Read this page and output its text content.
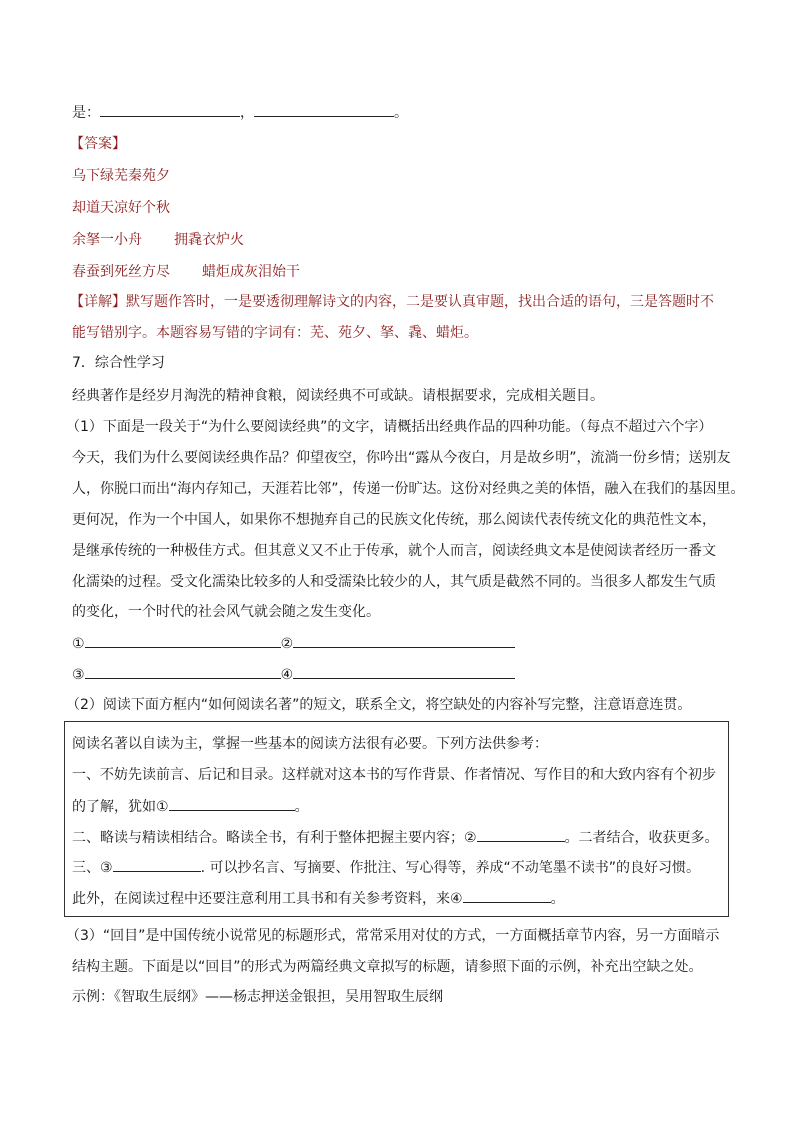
是：	，	。
【答案】
乌下绿芜秦苑夕
却道天凉好个秋
余拏一小舟 拥毳衣炉火
春蚕到死丝方尽 蜡炬成灰泪始干
【详解】默写题作答时，一是要透彻理解诗文的内容，二是要认真审题，找出合适的语句，三是答题时不
能写错别字。本题容易写错的字词有：芜、苑夕、拏、毳、蜡炬。
7．综合性学习
经典著作是经岁月淘洗的精神食粮，阅读经典不可或缺。请根据要求，完成相关题目。
（1）下面是一段关于“为什么要阅读经典”的文字，请概括出经典作品的四种功能。（每点不超过六个字）
今天，我们为什么要阅读经典作品？仰望夜空，你吟出“露从今夜白，月是故乡明”，流淌一份乡情；送别友
人，你脱口而出“海内存知己，天涯若比邻”，传递一份旷达。这份对经典之美的体悟，融入在我们的基因里。
更何况，作为一个中国人，如果你不想抛弃自己的民族文化传统，那么阅读代表传统文化的典范性文本，
是继承传统的一种极佳方式。但其意义又不止于传承，就个人而言，阅读经典文本是使阅读者经历一番文
化濡染的过程。受文化濡染比较多的人和受濡染比较少的人，其气质是截然不同的。当很多人都发生气质
的变化，一个时代的社会风气就会随之发生变化。
①	②
③	④
（2）阅读下面方框内“如何阅读名著”的短文，联系全文，将空缺处的内容补写完整，注意语意连贯。
阅读名著以自读为主，掌握一些基本的阅读方法很有必要。下列方法供参考：
一、不妨先读前言、后记和目录。这样就对这本书的写作背景、作者情况、写作目的和大致内容有个初步
的了解，犹如①	。
二、略读与精读相结合。略读全书，有利于整体把握主要内容；②	。二者结合，收获更多。
三、③	. 可以抄名言、写摘要、作批注、写心得等，养成“不动笔墨不读书”的良好习惯。
此外，在阅读过程中还要注意利用工具书和有关参考资料，来④	。
（3）“回目”是中国传统小说常见的标题形式，常常采用对仗的方式，一方面概括章节内容，另一方面暗示
结构主题。下面是以“回目”的形式为两篇经典文章拟写的标题，请参照下面的示例，补充出空缺之处。
示例：《智取生辰纲》——杨志押送金银担，吴用智取生辰纲
